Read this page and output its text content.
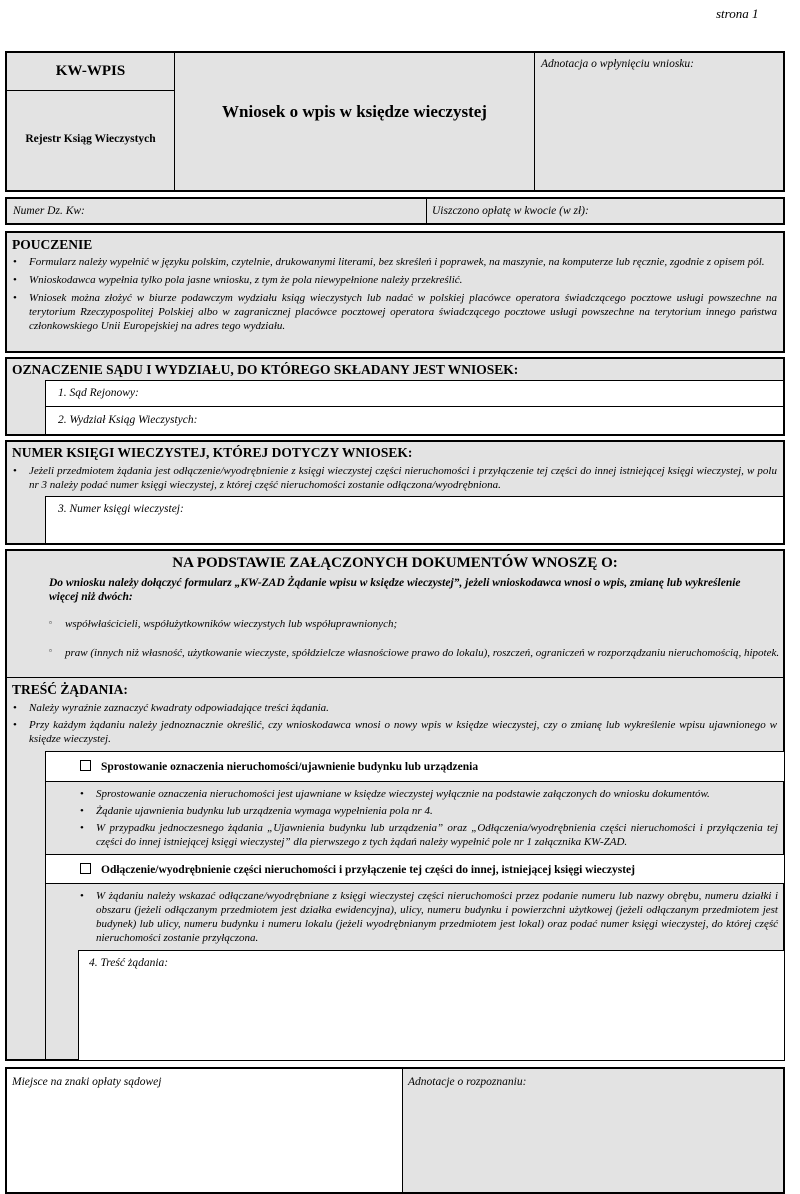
strona 1
KW-WPIS
Rejestr Ksiąg Wieczystych
Wniosek o wpis w księdze wieczystej
Adnotacja o wpłynięciu wniosku:
Numer Dz. Kw:	Uiszczono opłatę w kwocie (w zł):
POUCZENIE
• Formularz należy wypełnić w języku polskim, czytelnie, drukowanymi literami, bez skreśleń i poprawek, na maszynie, na komputerze lub ręcznie, zgodnie z opisem pól.
• Wnioskodawca wypełnia tylko pola jasne wniosku, z tym że pola niewypełnione należy przekreślić.
• Wniosek można złożyć w biurze podawczym wydziału ksiąg wieczystych lub nadać w polskiej placówce operatora świadczącego pocztowe usługi powszechne na terytorium Rzeczypospolitej Polskiej albo w zagranicznej placówce pocztowej operatora świadczącego pocztowe usługi powszechne na terytorium innego państwa członkowskiego Unii Europejskiej na adres tego wydziału.
OZNACZENIE SĄDU I WYDZIAŁU, DO KTÓREGO SKŁADANY JEST WNIOSEK:
1. Sąd Rejonowy:
2. Wydział Ksiąg Wieczystych:
NUMER KSIĘGI WIECZYSTEJ, KTÓREJ DOTYCZY WNIOSEK:
• Jeżeli przedmiotem żądania jest odłączenie/wyodrębnienie z księgi wieczystej części nieruchomości i przyłączenie tej części do innej istniejącej księgi wieczystej, w polu nr 3 należy podać numer księgi wieczystej, z której część nieruchomości zostanie odłączona/wyodrębniona.
3. Numer księgi wieczystej:
NA PODSTAWIE ZAŁĄCZONYCH DOKUMENTÓW WNOSZĘ O:
Do wniosku należy dołączyć formularz „KW-ZAD Żądanie wpisu w księdze wieczystej”, jeżeli wnioskodawca wnosi o wpis, zmianę lub wykreślenie więcej niż dwóch:
▫ współwłaścicieli, współużytkowników wieczystych lub współuprawnionych;
▫ praw (innych niż własność, użytkowanie wieczyste, spółdzielcze własnościowe prawo do lokalu), roszczeń, ograniczeń w rozporządzaniu nieruchomością, hipotek.
TREŚĆ ŻĄDANIA:
• Należy wyraźnie zaznaczyć kwadraty odpowiadające treści żądania.
• Przy każdym żądaniu należy jednoznacznie określić, czy wnioskodawca wnosi o nowy wpis w księdze wieczystej, czy o zmianę lub wykreślenie wpisu ujawnionego w księdze wieczystej.
Sprostowanie oznaczenia nieruchomości/ujawnienie budynku lub urządzenia
• Sprostowanie oznaczenia nieruchomości jest ujawniane w księdze wieczystej wyłącznie na podstawie załączonych do wniosku dokumentów.
• Żądanie ujawnienia budynku lub urządzenia wymaga wypełnienia pola nr 4.
• W przypadku jednoczesnego żądania „Ujawnienia budynku lub urządzenia” oraz „Odłączenia/wyodrębnienia części nieruchomości i przyłączenia tej części do innej istniejącej księgi wieczystej” dla pierwszego z tych żądań należy wypełnić pole nr 1 załącznika KW-ZAD.
Odłączenie/wyodrębnienie części nieruchomości i przyłączenie tej części do innej, istniejącej księgi wieczystej
• W żądaniu należy wskazać odłączane/wyodrębniane z księgi wieczystej części nieruchomości przez podanie numeru lub nazwy obrębu, numeru działki i obszaru (jeżeli odłączanym przedmiotem jest działka ewidencyjna), ulicy, numeru budynku i powierzchni użytkowej (jeżeli odłączanym przedmiotem jest budynek) lub ulicy, numeru budynku i numeru lokalu (jeżeli wyodrębnianym przedmiotem jest lokal) oraz podać numer księgi wieczystej, do której część nieruchomości zostanie przyłączona.
4. Treść żądania:
Miejsce na znaki opłaty sądowej	Adnotacje o rozpoznaniu:
